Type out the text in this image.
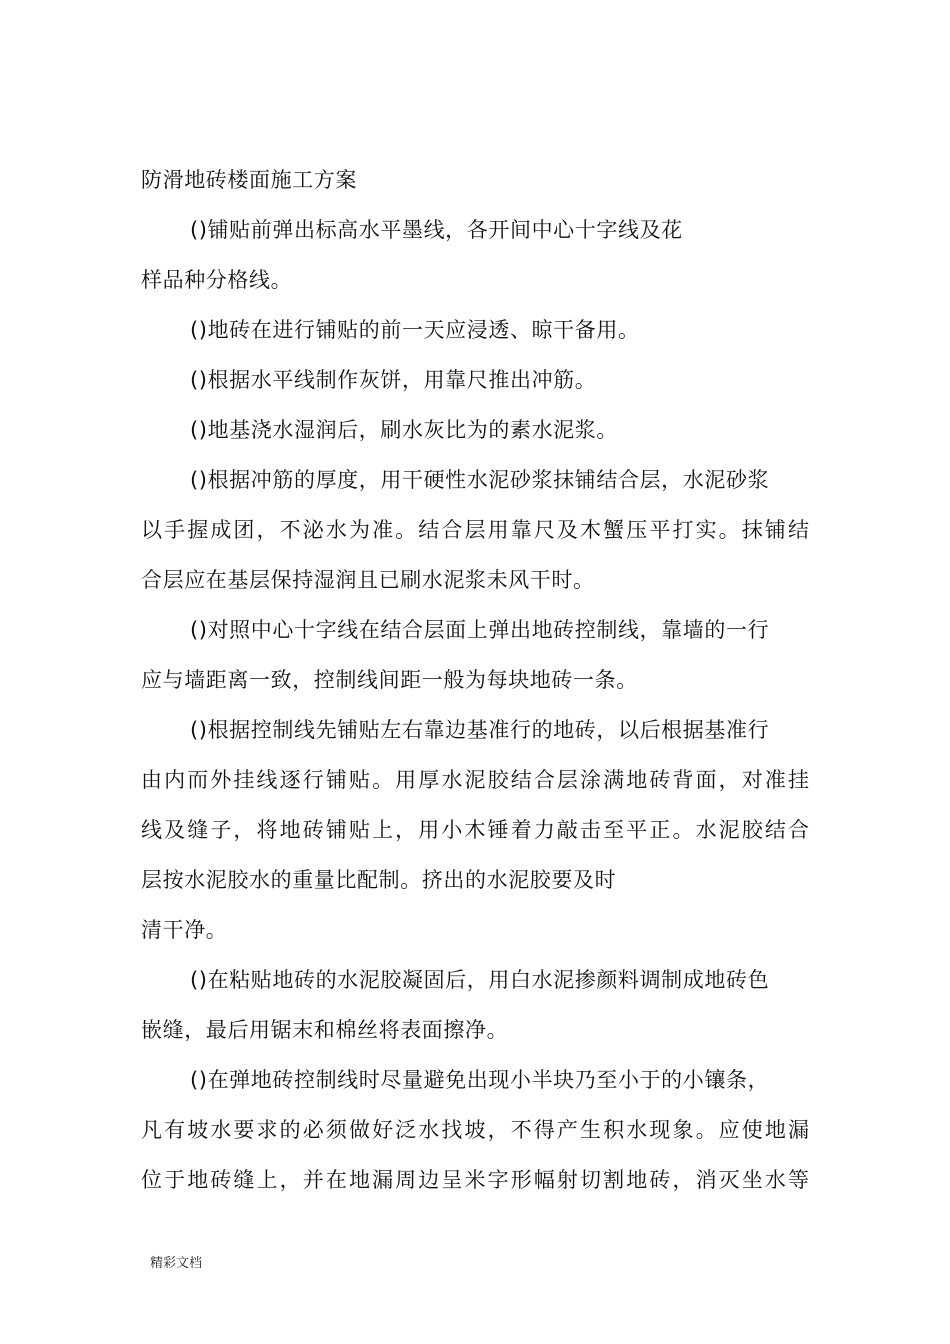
防滑地砖楼面施工方案
()铺贴前弹出标高水平墨线，各开间中心十字线及花
样品种分格线。
()地砖在进行铺贴的前一天应浸透、晾干备用。
()根据水平线制作灰饼，用靠尺推出冲筋。
()地基浇水湿润后，刷水灰比为的素水泥浆。
()根据冲筋的厚度，用干硬性水泥砂浆抹铺结合层，水泥砂浆
以手握成团，不泌水为准。结合层用靠尺及木蟹压平打实。抹铺结
合层应在基层保持湿润且已刷水泥浆未风干时。
()对照中心十字线在结合层面上弹出地砖控制线，靠墙的一行
应与墙距离一致，控制线间距一般为每块地砖一条。
()根据控制线先铺贴左右靠边基准行的地砖，以后根据基准行
由内而外挂线逐行铺贴。用厚水泥胶结合层涂满地砖背面，对准挂
线及缝子，将地砖铺贴上，用小木锤着力敲击至平正。水泥胶结合
层按水泥胶水的重量比配制。挤出的水泥胶要及时
清干净。
()在粘贴地砖的水泥胶凝固后，用白水泥掺颜料调制成地砖色
嵌缝，最后用锯末和棉丝将表面擦净。
()在弹地砖控制线时尽量避免出现小半块乃至小于的小镶条，
凡有坡水要求的必须做好泛水找坡，不得产生积水现象。应使地漏
位于地砖缝上，并在地漏周边呈米字形幅射切割地砖，消灭坐水等
精彩文档
